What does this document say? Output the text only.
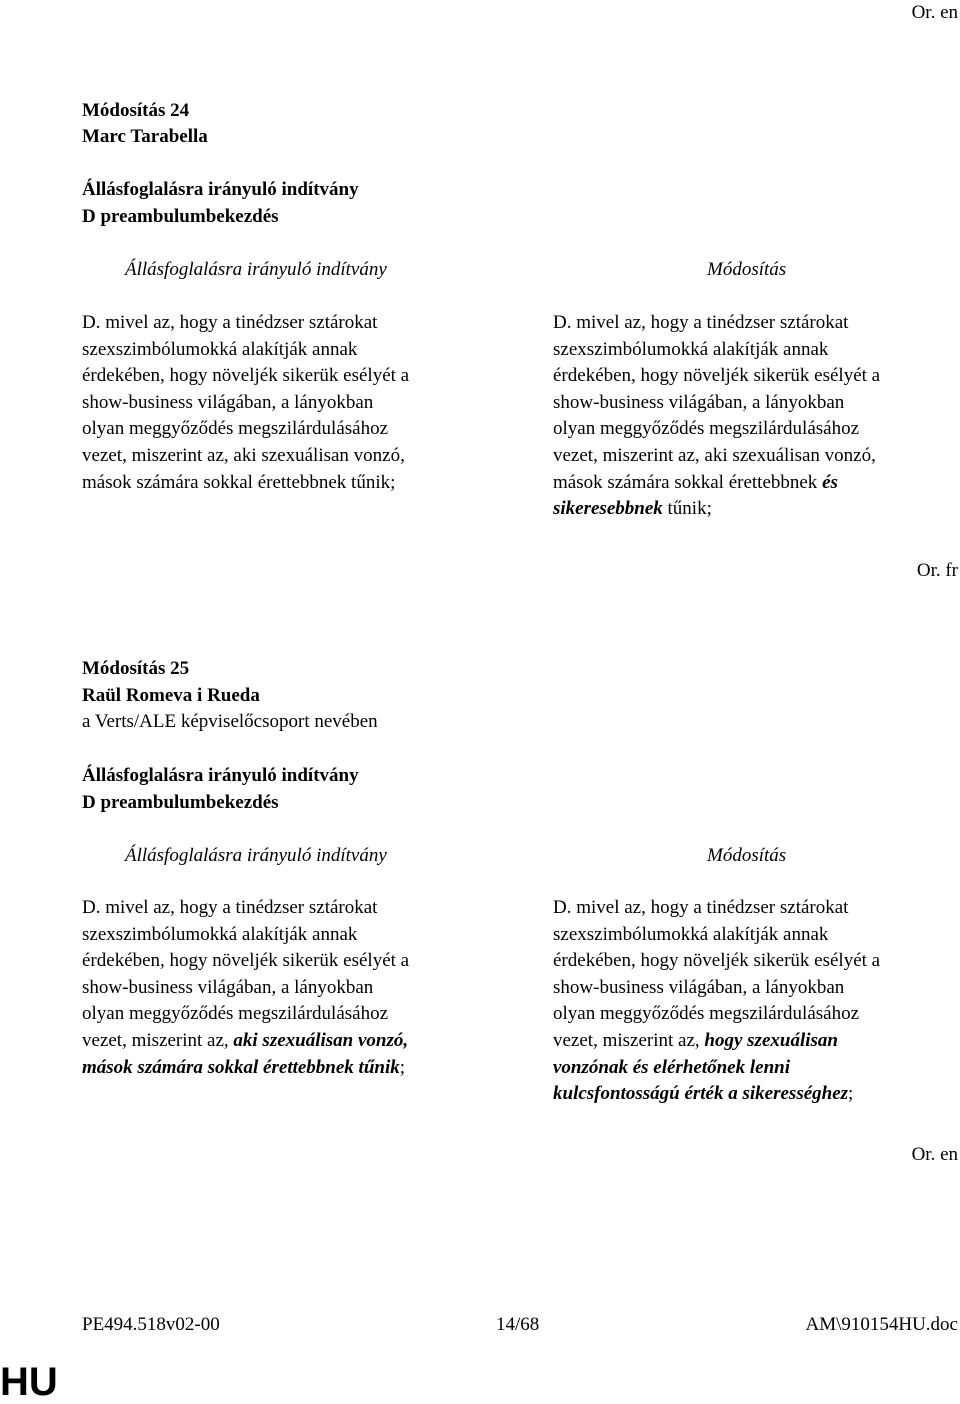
Or. en
Módosítás 24
Marc Tarabella
Állásfoglalásra irányuló indítvány
D preambulumbekezdés
Állásfoglalásra irányuló indítvány	Módosítás
D. mivel az, hogy a tinédzser sztárokat
szexszimbólumokká alakítják annak
érdekében, hogy növeljék sikerük esélyét a
show-business világában, a lányokban
olyan meggyőződés megszilárdulásához
vezet, miszerint az, aki szexuálisan vonzó,
mások számára sokkal érettebbnek tűnik;
D. mivel az, hogy a tinédzser sztárokat
szexszimbólumokká alakítják annak
érdekében, hogy növeljék sikerük esélyét a
show-business világában, a lányokban
olyan meggyőződés megszilárdulásához
vezet, miszerint az, aki szexuálisan vonzó,
mások számára sokkal érettebbnek és
sikeresebbnek tűnik;
Or. fr
Módosítás 25
Raül Romeva i Rueda
a Verts/ALE képviselőcsoport nevében
Állásfoglalásra irányuló indítvány
D preambulumbekezdés
Állásfoglalásra irányuló indítvány	Módosítás
D. mivel az, hogy a tinédzser sztárokat
szexszimbólumokká alakítják annak
érdekében, hogy növeljék sikerük esélyét a
show-business világában, a lányokban
olyan meggyőződés megszilárdulásához
vezet, miszerint az, aki szexuálisan vonzó,
mások számára sokkal érettebbnek tűnik;
D. mivel az, hogy a tinédzser sztárokat
szexszimbólumokká alakítják annak
érdekében, hogy növeljék sikerük esélyét a
show-business világában, a lányokban
olyan meggyőződés megszilárdulásához
vezet, miszerint az, hogy szexuálisan
vonzónak és elérhetőnek lenni
kulcsfontosságú érték a sikerességhez;
Or. en
PE494.518v02-00	14/68	AM\910154HU.doc
HU
